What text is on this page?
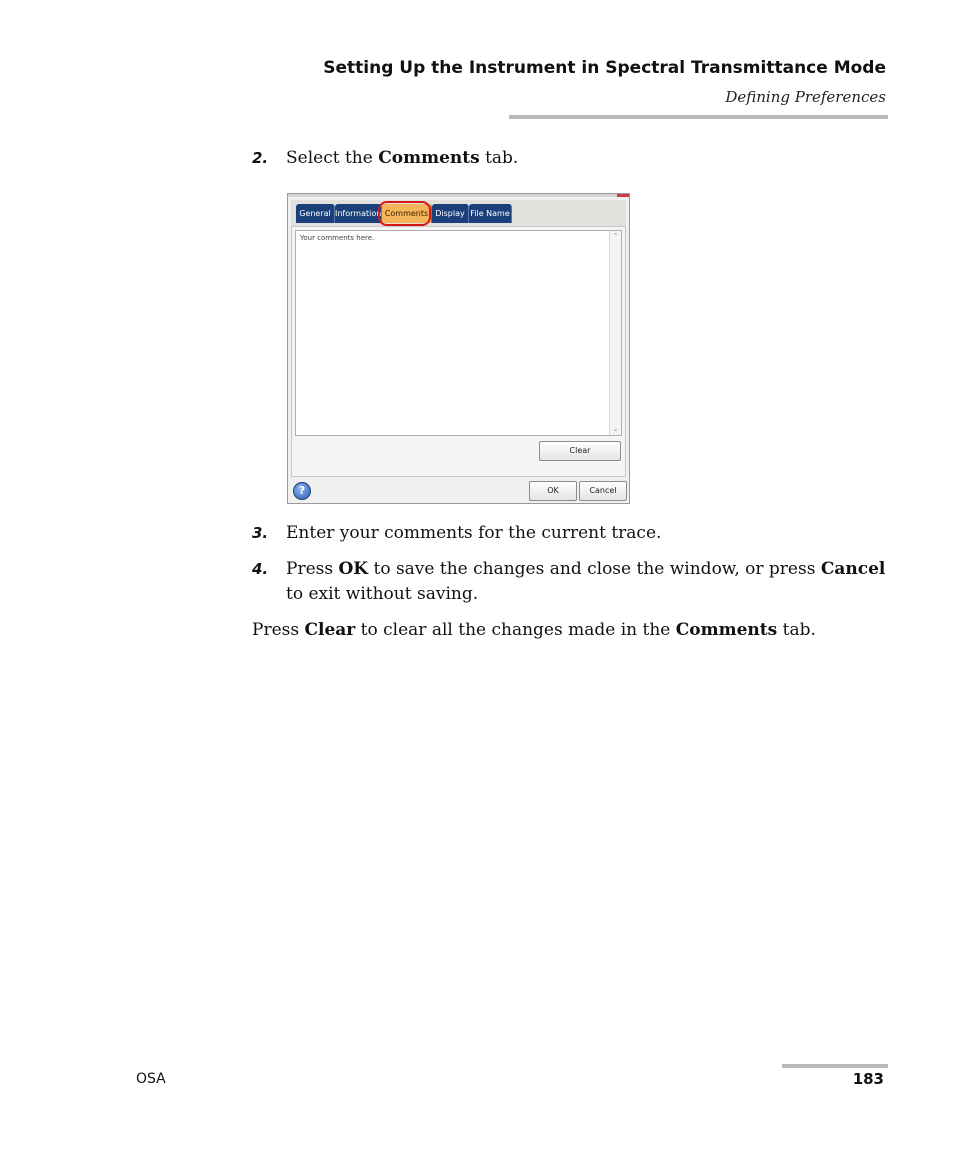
Setting Up the Instrument in Spectral Transmittance Mode
Defining Preferences
2. Select the Comments tab.
General Information Comments Display File Name
Your comments here.	⌃
⌄
Clear
?	OK	Cancel
3. Enter your comments for the current trace.
4. Press OK to save the changes and close the window, or press Cancel to exit without saving.
Press Clear to clear all the changes made in the Comments tab.
OSA	183
